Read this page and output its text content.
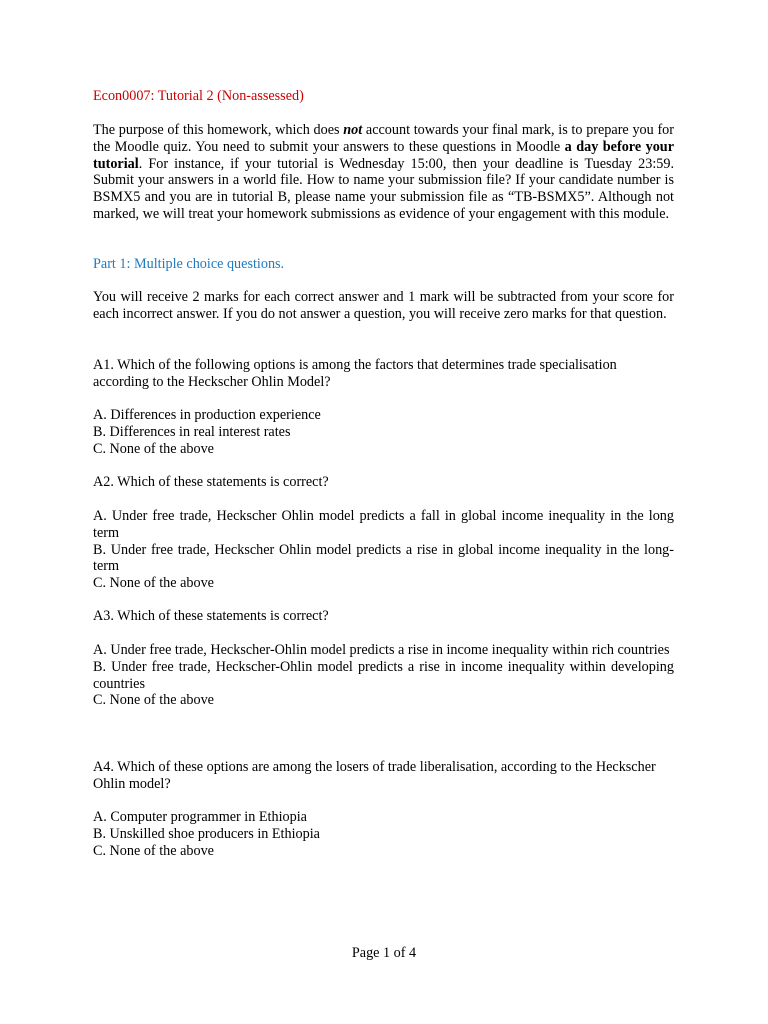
Econ0007: Tutorial 2 (Non-assessed)
The purpose of this homework, which does not account towards your final mark, is to prepare you for the Moodle quiz. You need to submit your answers to these questions in Moodle a day before your tutorial. For instance, if your tutorial is Wednesday 15:00, then your deadline is Tuesday 23:59. Submit your answers in a world file. How to name your submission file? If your candidate number is BSMX5 and you are in tutorial B, please name your submission file as “TB-BSMX5”. Although not marked, we will treat your homework submissions as evidence of your engagement with this module.
Part 1: Multiple choice questions.
You will receive 2 marks for each correct answer and 1 mark will be subtracted from your score for each incorrect answer. If you do not answer a question, you will receive zero marks for that question.
A1. Which of the following options is among the factors that determines trade specialisation according to the Heckscher Ohlin Model?
A. Differences in production experience
B. Differences in real interest rates
C. None of the above
A2. Which of these statements is correct?
A. Under free trade, Heckscher Ohlin model predicts a fall in global income inequality in the long term
B. Under free trade, Heckscher Ohlin model predicts a rise in global income inequality in the long-term
C. None of the above
A3. Which of these statements is correct?
A. Under free trade, Heckscher-Ohlin model predicts a rise in income inequality within rich countries
B. Under free trade, Heckscher-Ohlin model predicts a rise in income inequality within developing countries
C. None of the above
A4. Which of these options are among the losers of trade liberalisation, according to the Heckscher Ohlin model?
A. Computer programmer in Ethiopia
B. Unskilled shoe producers in Ethiopia
C. None of the above
Page 1 of 4
